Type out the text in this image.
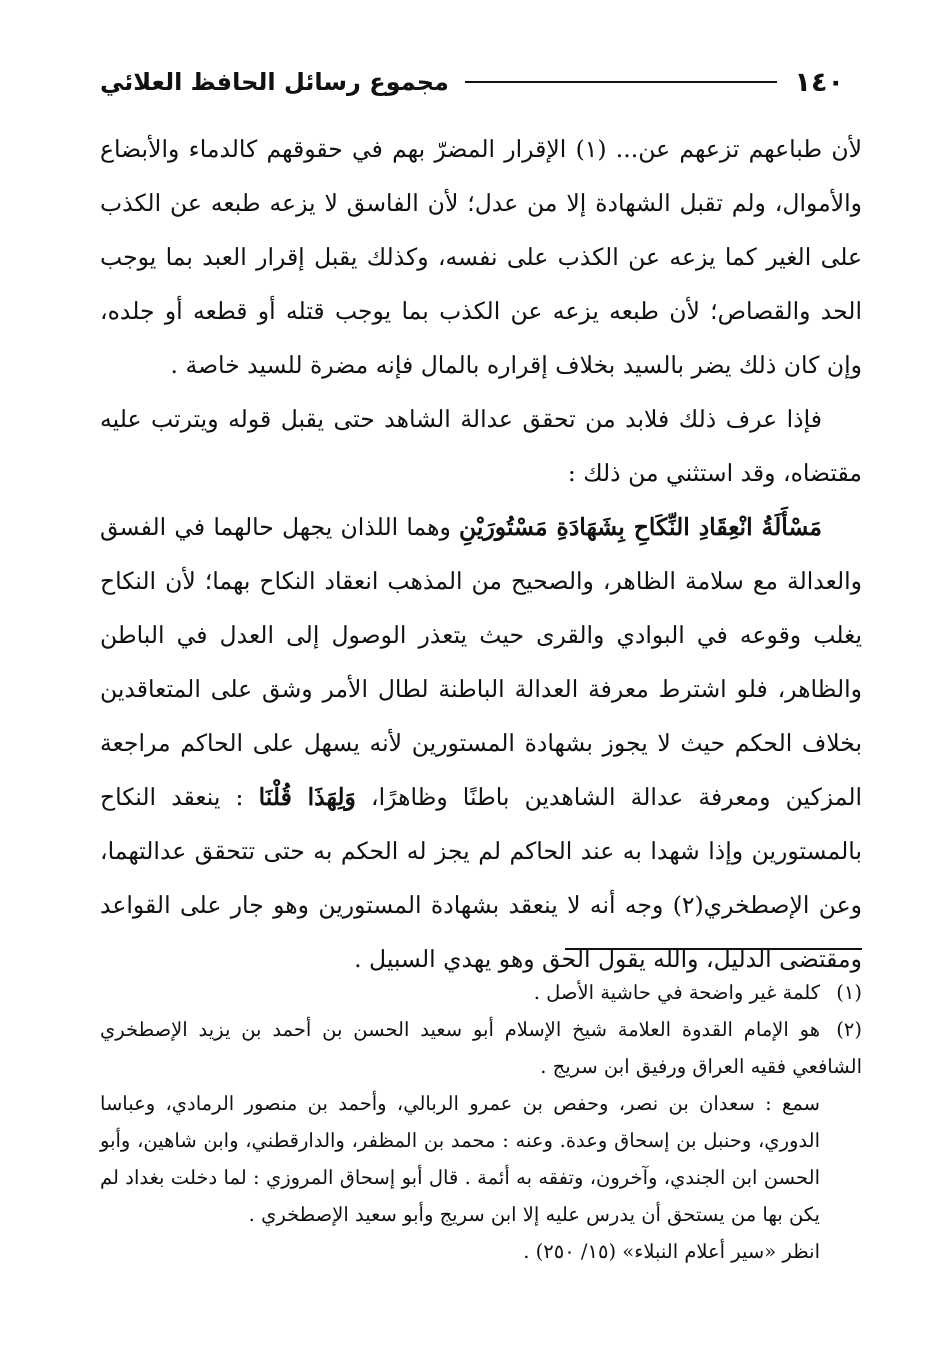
١٤٠
مجموع رسائل الحافظ العلائي

لأن طباعهم تزعهم عن... (١) الإقرار المضرّ بهم في حقوقهم كالدماء والأبضاع والأموال، ولم تقبل الشهادة إلا من عدل؛ لأن الفاسق لا يزعه طبعه عن الكذب على الغير كما يزعه عن الكذب على نفسه، وكذلك يقبل إقرار العبد بما يوجب الحد والقصاص؛ لأن طبعه يزعه عن الكذب بما يوجب قتله أو قطعه أو جلده، وإن كان ذلك يضر بالسيد بخلاف إقراره بالمال فإنه مضرة للسيد خاصة .

فإذا عرف ذلك فلابد من تحقق عدالة الشاهد حتى يقبل قوله ويترتب عليه مقتضاه، وقد استثني من ذلك :

مَسْأَلَةُ انْعِقَادِ النِّكَاحِ بِشَهَادَةِ مَسْتُورَيْنِ وهما اللذان يجهل حالهما في الفسق والعدالة مع سلامة الظاهر، والصحيح من المذهب انعقاد النكاح بهما؛ لأن النكاح يغلب وقوعه في البوادي والقرى حيث يتعذر الوصول إلى العدل في الباطن والظاهر، فلو اشترط معرفة العدالة الباطنة لطال الأمر وشق على المتعاقدين بخلاف الحكم حيث لا يجوز بشهادة المستورين لأنه يسهل على الحاكم مراجعة المزكين ومعرفة عدالة الشاهدين باطنًا وظاهرًا، وَلِهَذَا قُلْنَا : ينعقد النكاح بالمستورين وإذا شهدا به عند الحاكم لم يجز له الحكم به حتى تتحقق عدالتهما، وعن الإصطخري(٢) وجه أنه لا ينعقد بشهادة المستورين وهو جار على القواعد ومقتضى الدليل، والله يقول الحق وهو يهدي السبيل .

(١)كلمة غير واضحة في حاشية الأصل .

(٢)هو الإمام القدوة العلامة شيخ الإسلام أبو سعيد الحسن بن أحمد بن يزيد الإصطخري الشافعي فقيه العراق ورفيق ابن سريج .

سمع : سعدان بن نصر، وحفص بن عمرو الربالي، وأحمد بن منصور الرمادي، وعباسا الدوري، وحنبل بن إسحاق وعدة. وعنه : محمد بن المظفر، والدارقطني، وابن شاهين، وأبو الحسن ابن الجندي، وآخرون، وتفقه به أئمة . قال أبو إسحاق المروزي : لما دخلت بغداد لم يكن بها من يستحق أن يدرس عليه إلا ابن سريج وأبو سعيد الإصطخري .

انظر «سير أعلام النبلاء» (١٥/ ٢٥٠) .
